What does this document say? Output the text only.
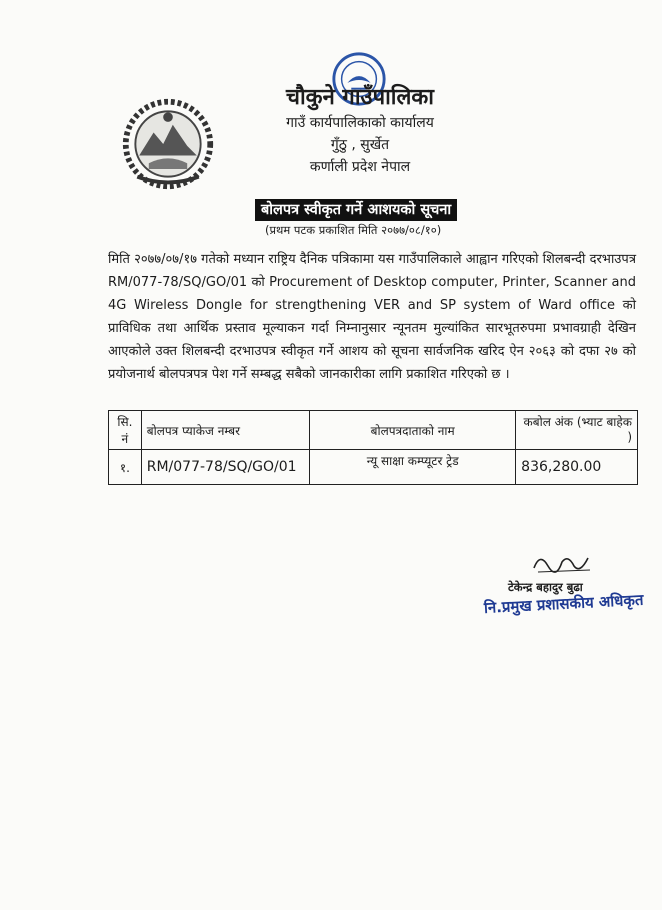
चौकुने गाउँपालिका
गाउँ कार्यपालिकाको कार्यालय
गुँठु , सुर्खेत
कर्णाली प्रदेश नेपाल
बोलपत्र स्वीकृत गर्ने आशयको सूचना
(प्रथम पटक प्रकाशित मिति २०७७/०८/१०)
मिति २०७७/०७/१७ गतेको मध्यान राष्ट्रिय दैनिक पत्रिकामा यस गाउँपालिकाले आह्वान गरिएको शिलबन्दी दरभाउपत्र RM/077-78/SQ/GO/01 को Procurement of Desktop computer, Printer, Scanner and 4G Wireless Dongle for strengthening VER and SP system of Ward office को प्राविधिक तथा आर्थिक प्रस्ताव मूल्याकन गर्दा निम्नानुसार न्यूनतम मुल्यांकित सारभूतरुपमा प्रभावग्राही देखिन आएकोले उक्त शिलबन्दी दरभाउपत्र स्वीकृत गर्ने आशय को सूचना सार्वजनिक खरिद ऐन २०६३ को दफा २७ को प्रयोजनार्थ बोलपत्रपत्र पेश गर्ने सम्बद्ध सबैको जानकारीका लागि प्रकाशित गरिएको छ ।
सि. नं	बोलपत्र प्याकेज नम्बर	बोलपत्रदाताको नाम	कबोल अंक (भ्याट बाहेक )
१.	RM/077-78/SQ/GO/01	न्यू साक्षा कम्प्यूटर ट्रेड	836,280.00
टेकेन्द्र बहादुर बुढा
नि.प्रमुख प्रशासकीय अधिकृत
